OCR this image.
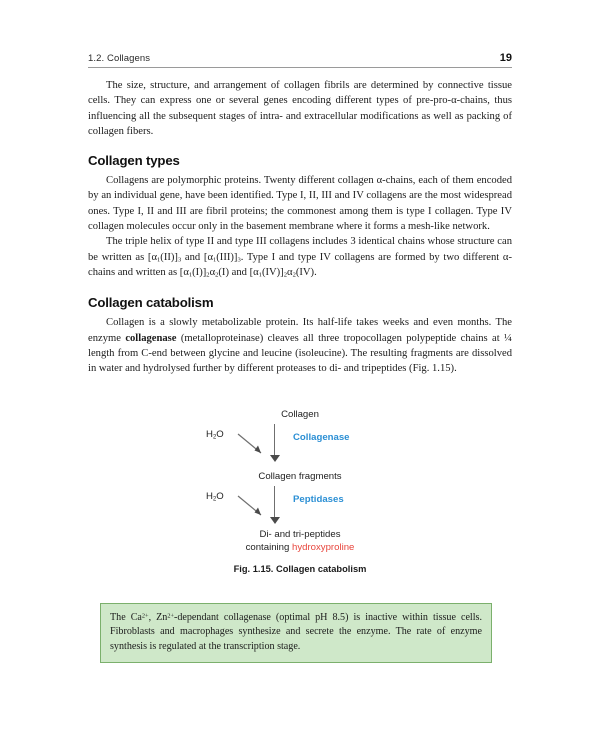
1.2. Collagens	19

The size, structure, and arrangement of collagen fibrils are determined by connective tissue cells. They can express one or several genes encoding different types of pre-pro-α-chains, thus influencing all the subsequent stages of intra- and extracellular modifications as well as packing of collagen fibers.

Collagen types

Collagens are polymorphic proteins. Twenty different collagen α-chains, each of them encoded by an individual gene, have been identified. Type I, II, III and IV collagens are the most widespread ones. Type I, II and III are fibril proteins; the commonest among them is type I collagen. Type IV collagen molecules occur only in the basement membrane where it forms a mesh-like network.

The triple helix of type II and type III collagens includes 3 identical chains whose structure can be written as $[\alpha_1(II)]_3$ and $[\alpha_1(III)]_3$. Type I and type IV collagens are formed by two different α-chains and written as $[\alpha_1(I)]_2\alpha_2(I)$ and $[\alpha_1(IV)]_2\alpha_2(IV)$.

Collagen catabolism

Collagen is a slowly metabolizable protein. Its half-life takes weeks and even months. The enzyme collagenase (metalloproteinase) cleaves all three tropocollagen polypeptide chains at ¼ length from C-end between glycine and leucine (isoleucine). The resulting fragments are dissolved in water and hydrolysed further by different proteases to di- and tripeptides (Fig. 1.15).

Collagen
$H_2O$	Collagenase
Collagen fragments
$H_2O$	Peptidases
Di- and tri-peptides
containing hydroxyproline
Fig. 1.15. Collagen catabolism

The $Ca^{2+}$, $Zn^{2+}$-dependant collagenase (optimal pH 8.5) is inactive within tissue cells. Fibroblasts and macrophages synthesize and secrete the enzyme. The rate of enzyme synthesis is regulated at the transcription stage.
